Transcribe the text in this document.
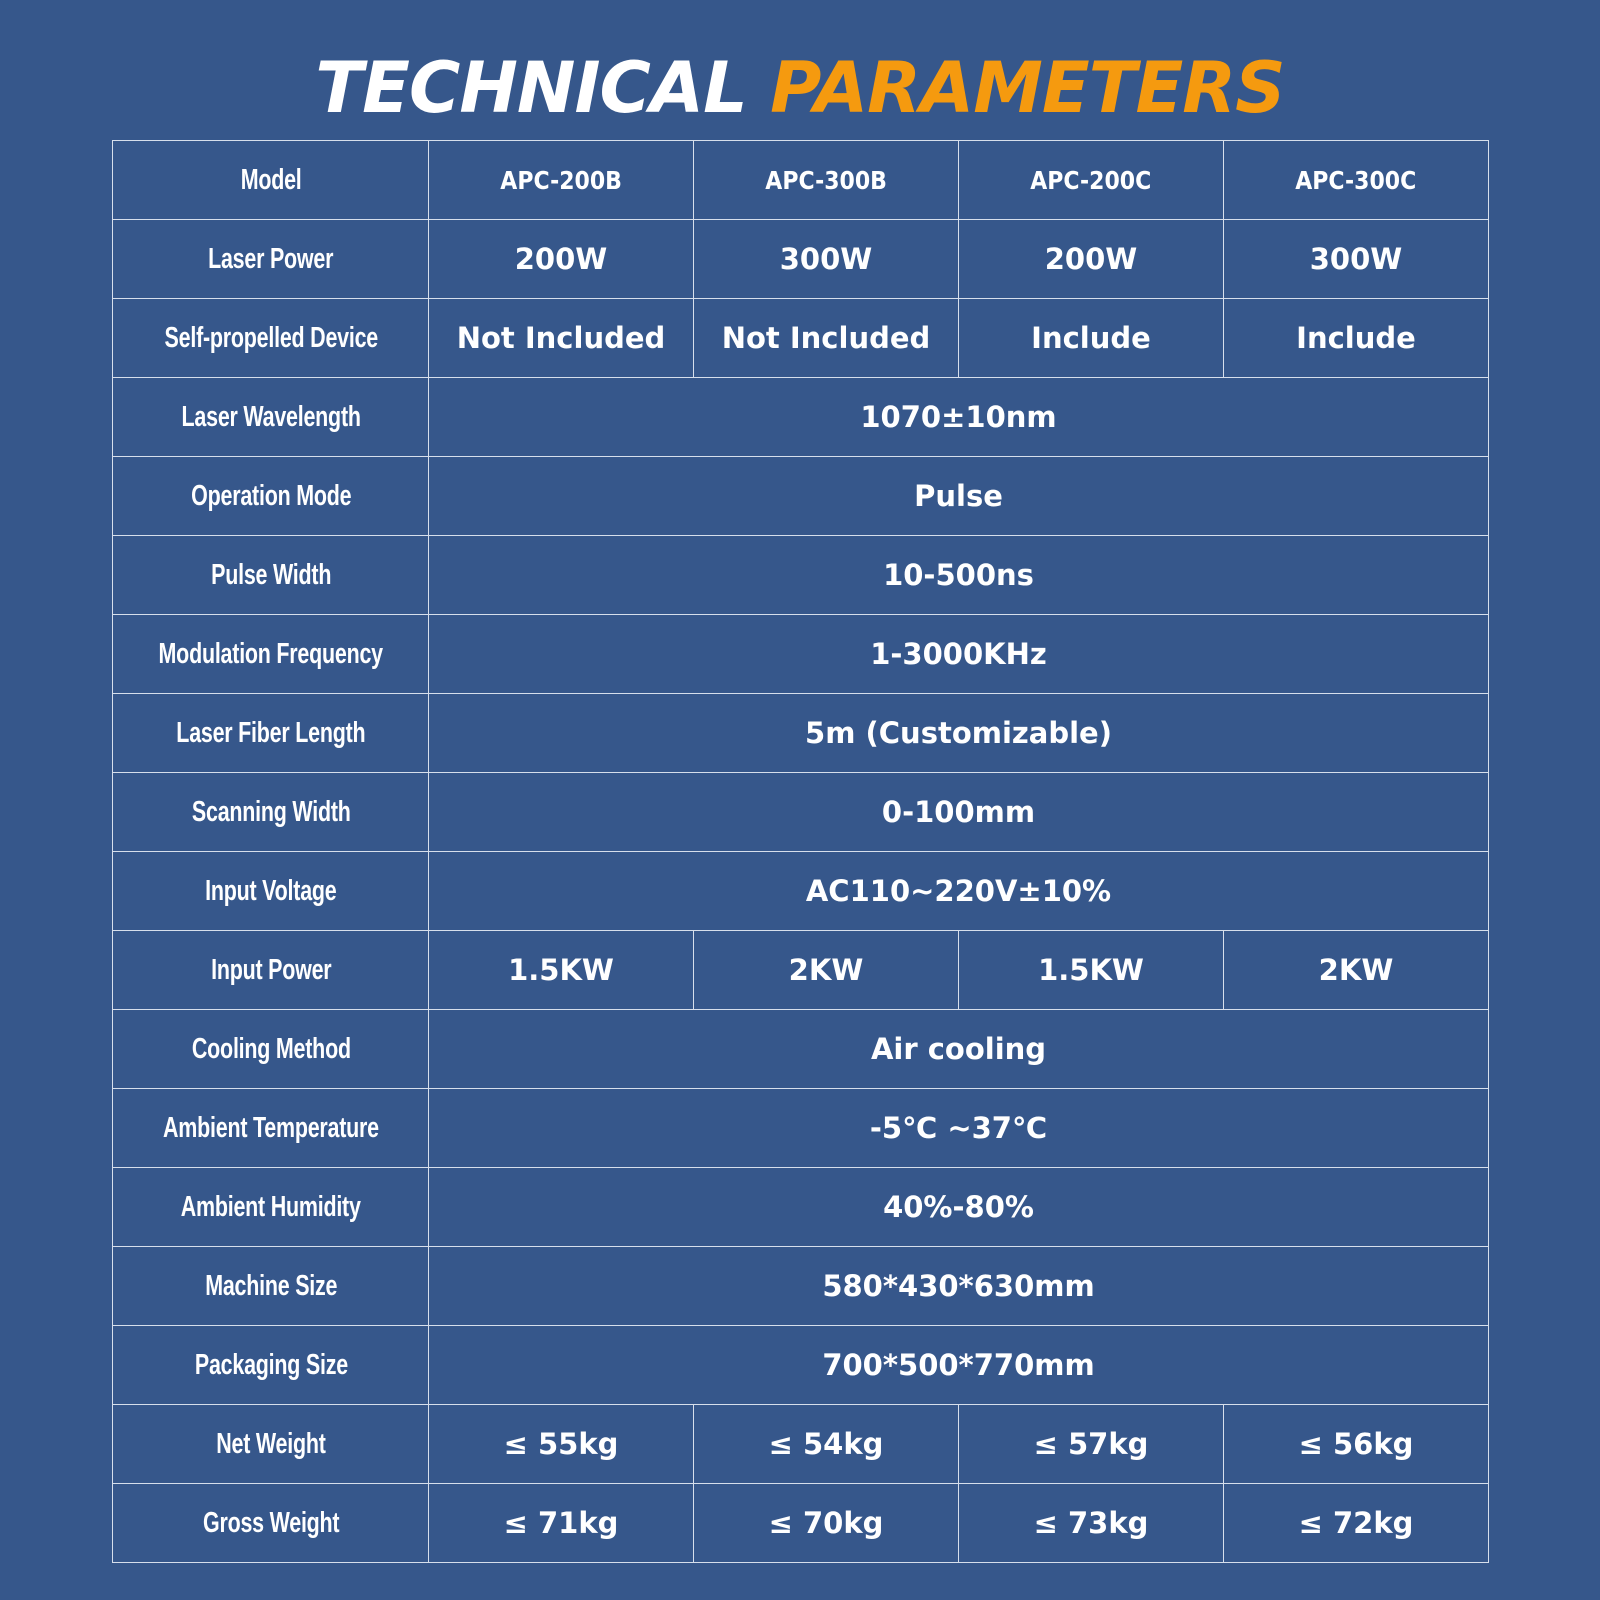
TECHNICAL PARAMETERS
Model	APC-200B	APC-300B	APC-200C	APC-300C
Laser Power	200W	300W	200W	300W
Self-propelled Device	Not Included	Not Included	Include	Include
Laser Wavelength	1070±10nm			
Operation Mode	Pulse			
Pulse Width	10-500ns			
Modulation Frequency	1-3000KHz			
Laser Fiber Length	5m (Customizable)			
Scanning Width	0-100mm			
Input Voltage	AC110~220V±10%			
Input Power	1.5KW	2KW	1.5KW	2KW
Cooling Method	Air cooling			
Ambient Temperature	-5℃ ~37℃			
Ambient Humidity	40%-80%			
Machine Size	580*430*630mm			
Packaging Size	700*500*770mm			
Net Weight	≤ 55kg	≤ 54kg	≤ 57kg	≤ 56kg
Gross Weight	≤ 71kg	≤ 70kg	≤ 73kg	≤ 72kg
